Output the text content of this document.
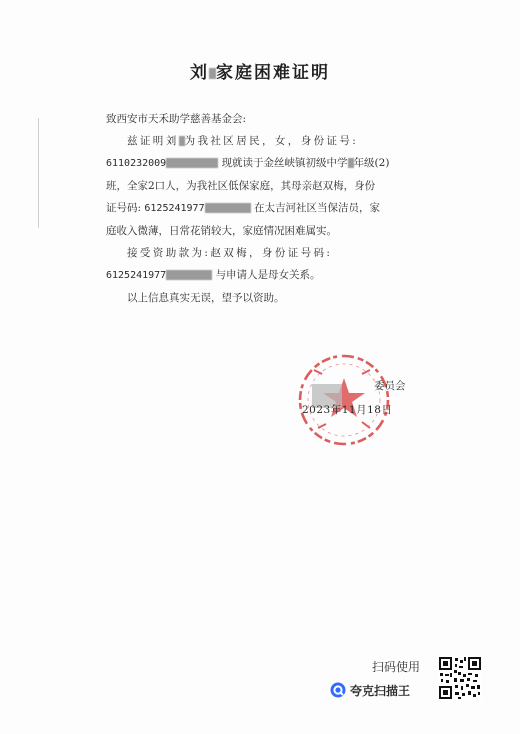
刘 家庭困难证明

致西安市天禾助学慈善基金会:

兹证明刘 为我社区居民，女，身份证号:

6110232009	现就读于金丝峡镇初级中学 年级(2)

班，全家2口人，为我社区低保家庭，其母亲赵双梅，身份

证号码: 6125241977	在太吉河社区当保洁员，家

庭收入微薄，日常花销较大，家庭情况困难属实。

接受资助款为:赵双梅，身份证号码:

6125241977	与申请人是母女关系。

以上信息真实无误，望予以资助。

委员会
2023年11月18日
扫码使用
夸克扫描王
